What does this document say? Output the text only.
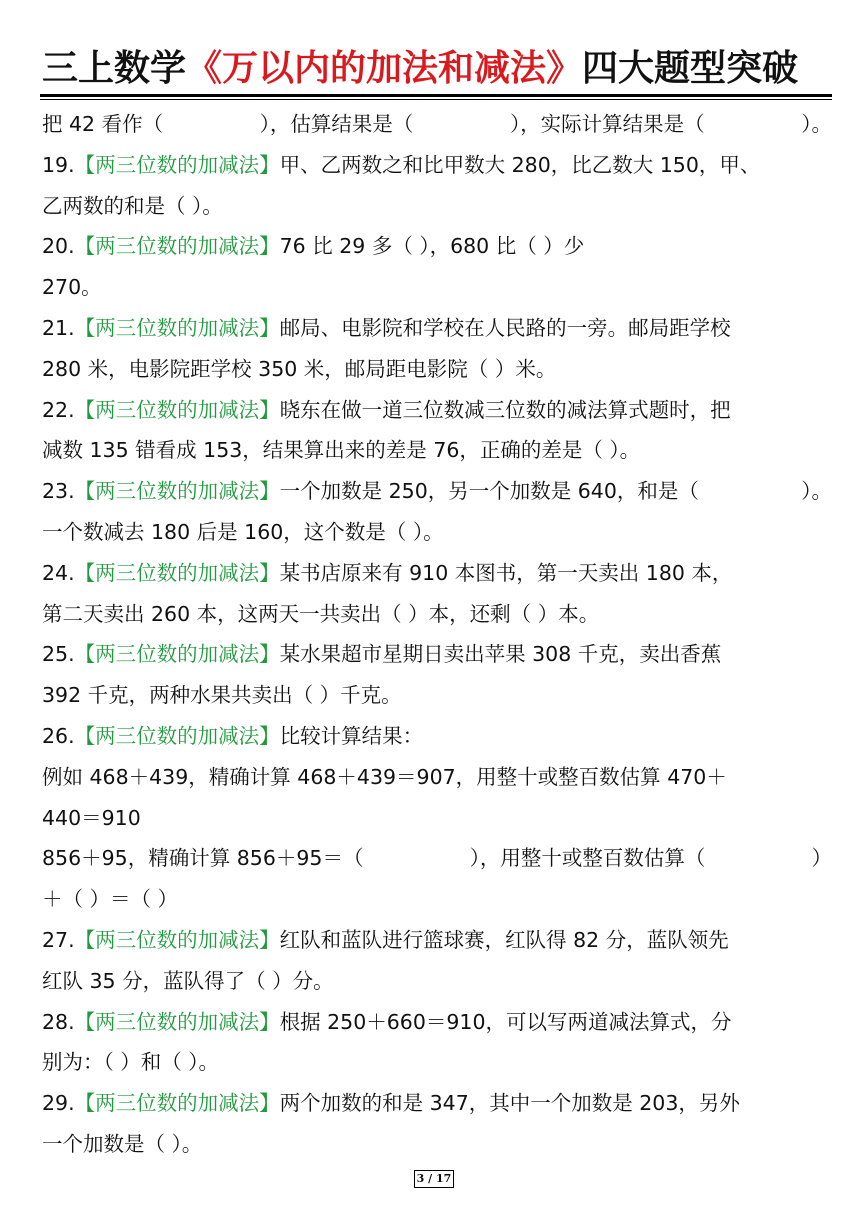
三上数学《万以内的加法和减法》四大题型突破
把 42 看作（	），估算结果是（	），实际计算结果是（	）。
19.【两三位数的加减法】甲、乙两数之和比甲数大 280，比乙数大 150，甲、
乙两数的和是（ ）。
20.【两三位数的加减法】76 比 29 多（ ），680 比（ ）少
270。
21.【两三位数的加减法】邮局、电影院和学校在人民路的一旁。邮局距学校
280 米，电影院距学校 350 米，邮局距电影院（ ）米。
22.【两三位数的加减法】晓东在做一道三位数减三位数的减法算式题时，把
减数 135 错看成 153，结果算出来的差是 76，正确的差是（ ）。
23.【两三位数的加减法】一个加数是 250，另一个加数是 640，和是（	）。
一个数减去 180 后是 160，这个数是（ ）。
24.【两三位数的加减法】某书店原来有 910 本图书，第一天卖出 180 本，
第二天卖出 260 本，这两天一共卖出（ ）本，还剩（ ）本。
25.【两三位数的加减法】某水果超市星期日卖出苹果 308 千克，卖出香蕉
392 千克，两种水果共卖出（ ）千克。
26.【两三位数的加减法】比较计算结果：
例如 468＋439，精确计算 468＋439＝907，用整十或整百数估算 470＋
440＝910
856＋95，精确计算 856＋95＝（	），用整十或整百数估算（	）
＋（ ）＝（ ）
27.【两三位数的加减法】红队和蓝队进行篮球赛，红队得 82 分，蓝队领先
红队 35 分，蓝队得了（ ）分。
28.【两三位数的加减法】根据 250＋660＝910，可以写两道减法算式，分
别为：（ ）和（ ）。
29.【两三位数的加减法】两个加数的和是 347，其中一个加数是 203，另外
一个加数是（ ）。
3 / 17
